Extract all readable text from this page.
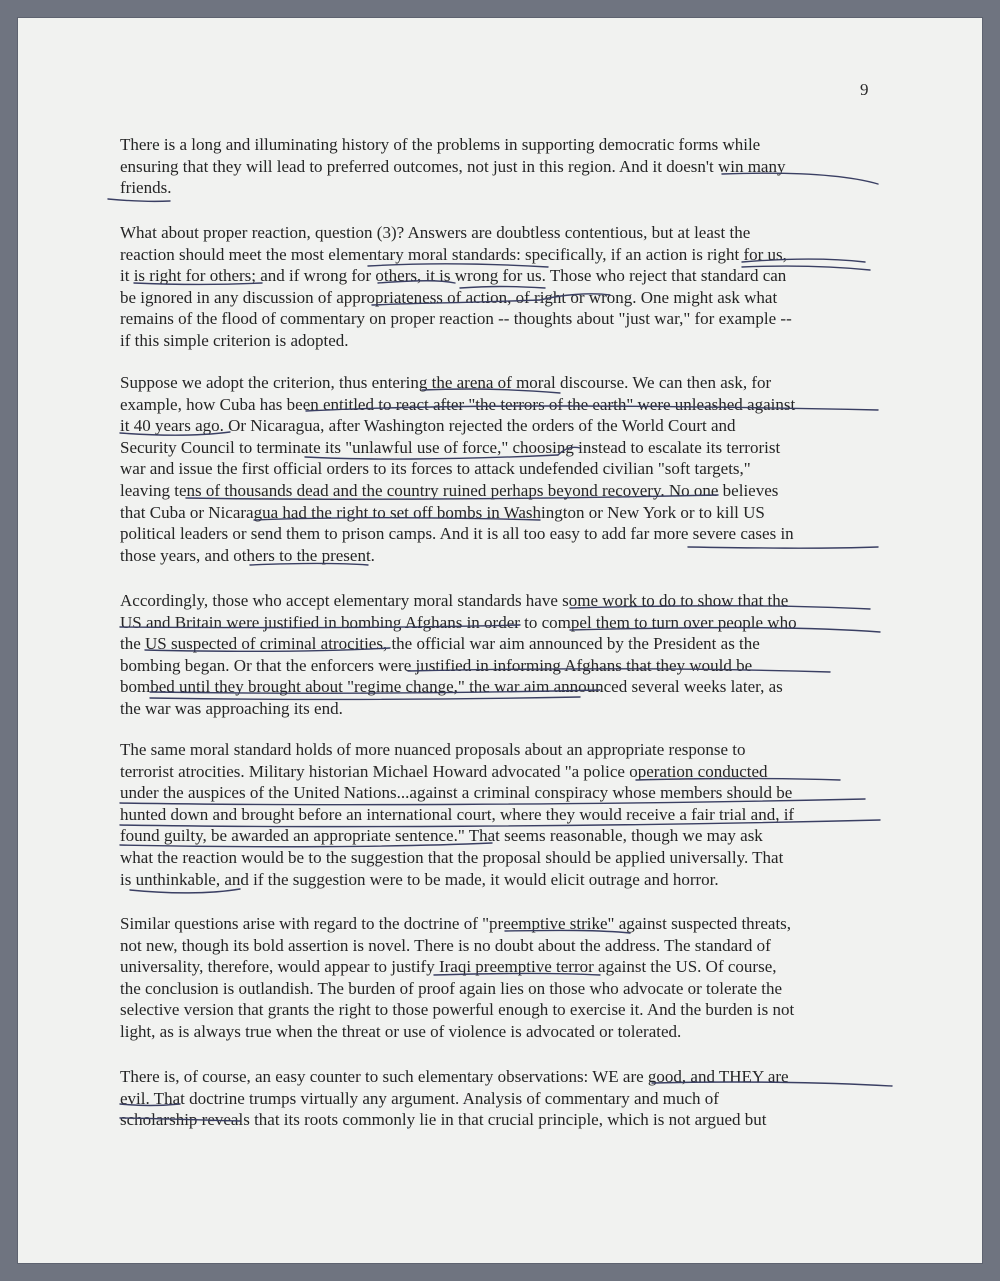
9

There is a long and illuminating history of the problems in supporting democratic forms while
ensuring that they will lead to preferred outcomes, not just in this region. And it doesn't win many
friends.

What about proper reaction, question (3)? Answers are doubtless contentious, but at least the
reaction should meet the most elementary moral standards: specifically, if an action is right for us,
it is right for others; and if wrong for others, it is wrong for us. Those who reject that standard can
be ignored in any discussion of appropriateness of action, of right or wrong. One might ask what
remains of the flood of commentary on proper reaction -- thoughts about "just war," for example --
if this simple criterion is adopted.

Suppose we adopt the criterion, thus entering the arena of moral discourse. We can then ask, for
example, how Cuba has been entitled to react after "the terrors of the earth" were unleashed against
it 40 years ago. Or Nicaragua, after Washington rejected the orders of the World Court and
Security Council to terminate its "unlawful use of force," choosing instead to escalate its terrorist
war and issue the first official orders to its forces to attack undefended civilian "soft targets,"
leaving tens of thousands dead and the country ruined perhaps beyond recovery. No one believes
that Cuba or Nicaragua had the right to set off bombs in Washington or New York or to kill US
political leaders or send them to prison camps. And it is all too easy to add far more severe cases in
those years, and others to the present.

Accordingly, those who accept elementary moral standards have some work to do to show that the
US and Britain were justified in bombing Afghans in order to compel them to turn over people who
the US suspected of criminal atrocities, the official war aim announced by the President as the
bombing began. Or that the enforcers were justified in informing Afghans that they would be
bombed until they brought about "regime change," the war aim announced several weeks later, as
the war was approaching its end.

The same moral standard holds of more nuanced proposals about an appropriate response to
terrorist atrocities. Military historian Michael Howard advocated "a police operation conducted
under the auspices of the United Nations...against a criminal conspiracy whose members should be
hunted down and brought before an international court, where they would receive a fair trial and, if
found guilty, be awarded an appropriate sentence." That seems reasonable, though we may ask
what the reaction would be to the suggestion that the proposal should be applied universally. That
is unthinkable, and if the suggestion were to be made, it would elicit outrage and horror.

Similar questions arise with regard to the doctrine of "preemptive strike" against suspected threats,
not new, though its bold assertion is novel. There is no doubt about the address. The standard of
universality, therefore, would appear to justify Iraqi preemptive terror against the US. Of course,
the conclusion is outlandish. The burden of proof again lies on those who advocate or tolerate the
selective version that grants the right to those powerful enough to exercise it. And the burden is not
light, as is always true when the threat or use of violence is advocated or tolerated.

There is, of course, an easy counter to such elementary observations: WE are good, and THEY are
evil. That doctrine trumps virtually any argument. Analysis of commentary and much of
scholarship reveals that its roots commonly lie in that crucial principle, which is not argued but
